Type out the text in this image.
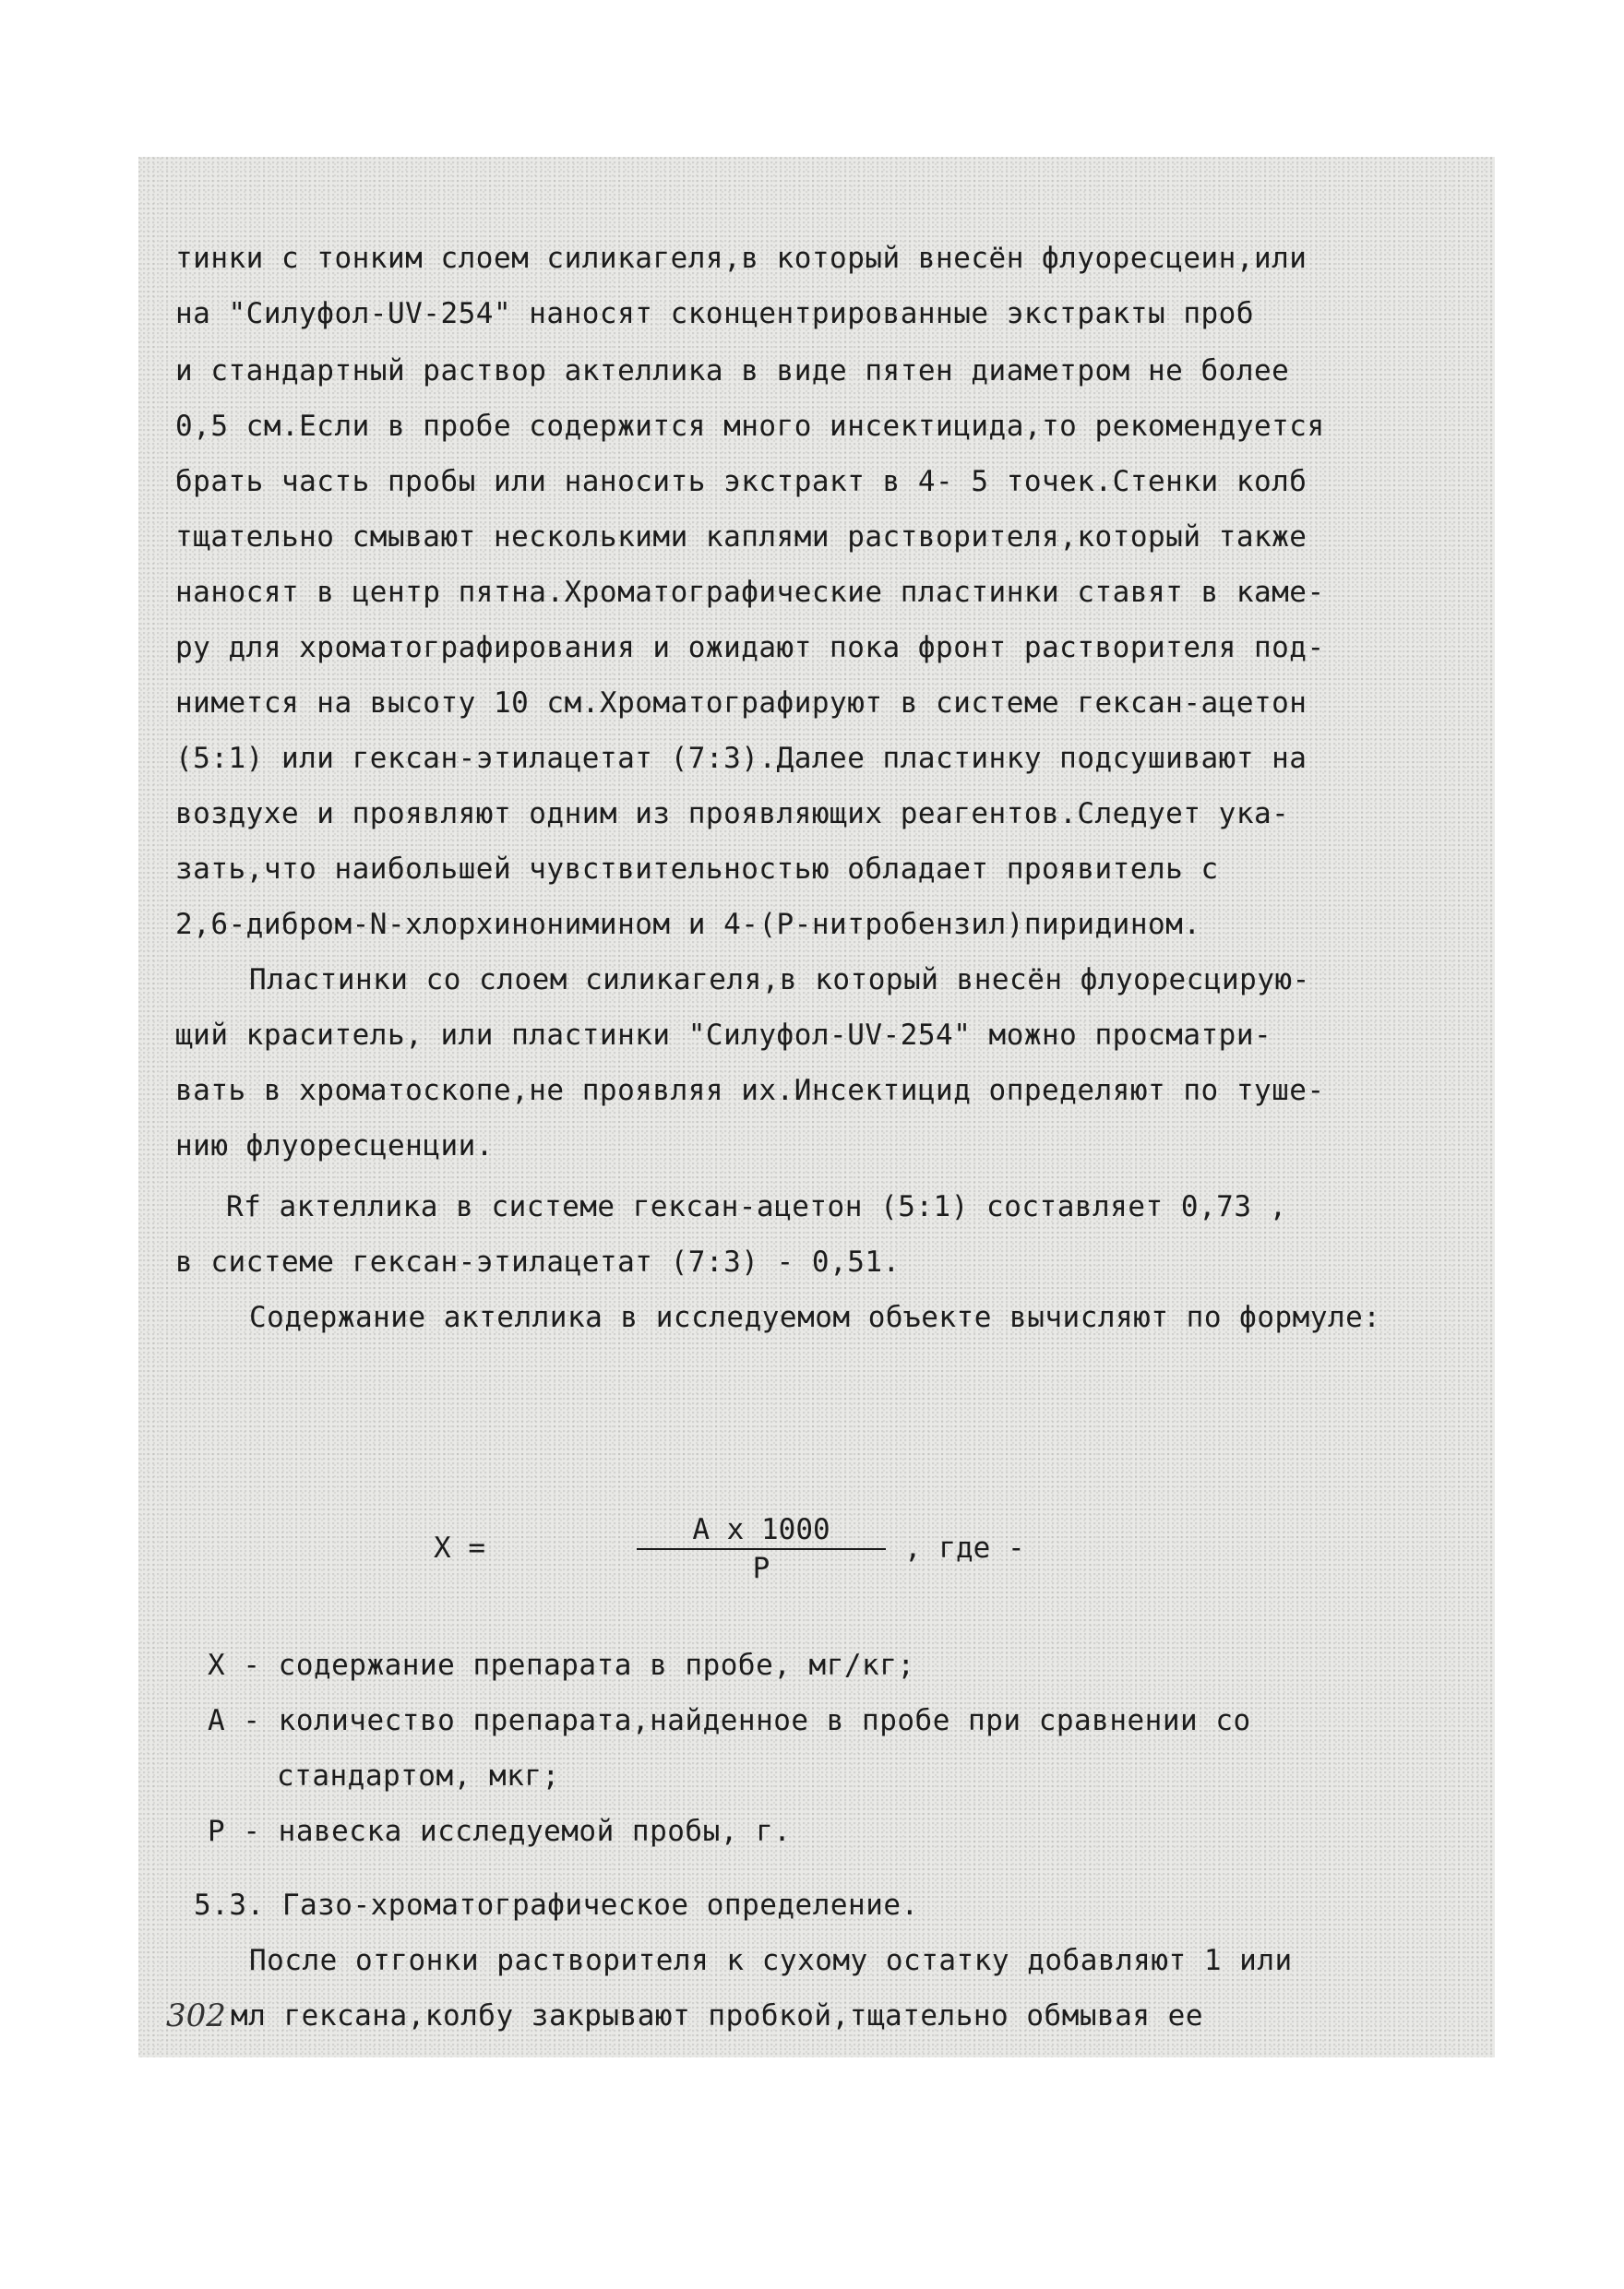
тинки с тонким слоем силикагеля,в который внесён флуоресцеин,или
на "Силуфол-UV-254" наносят сконцентрированные экстракты проб
и стандартный раствор актеллика в виде пятен диаметром не более
0,5 см.Если в пробе содержится много инсектицида,то рекомендуется
брать часть пробы или наносить экстракт в 4- 5 точек.Стенки колб
тщательно смывают несколькими каплями растворителя,который также
наносят в центр пятна.Хроматографические пластинки ставят в каме-
ру для хроматографирования и ожидают пока фронт растворителя под-
нимется на высоту 10 см.Хроматографируют в системе гексан-ацетон
(5:1) или гексан-этилацетат (7:3).Далее пластинку подсушивают на
воздухе и проявляют одним из проявляющих реагентов.Следует ука-
зать,что наибольшей чувствительностью обладает проявитель с
2,6-дибром-N-хлорхинонимином и 4-(Р-нитробензил)пиридином.
Пластинки со слоем силикагеля,в который внесён флуоресцирую-
щий краситель, или пластинки "Силуфол-UV-254" можно просматри-
вать в хроматоскопе,не проявляя их.Инсектицид определяют по туше-
нию флуоресценции.
Rf актеллика в системе гексан-ацетон (5:1) составляет 0,73 ,
в системе гексан-этилацетат (7:3) - 0,51.
Содержание актеллика в исследуемом объекте вычисляют по формуле:
X =	$\frac{\text{A x 1000}}{P}$ , где -
X - содержание препарата в пробе, мг/кг;
A - количество препарата,найденное в пробе при сравнении со
стандартом, мкг;
P - навеска исследуемой пробы, г.
5.3. Газо-хроматографическое определение.
После отгонки растворителя к сухому остатку добавляют 1 или
мл гексана,колбу закрывают пробкой,тщательно обмывая ее
302
